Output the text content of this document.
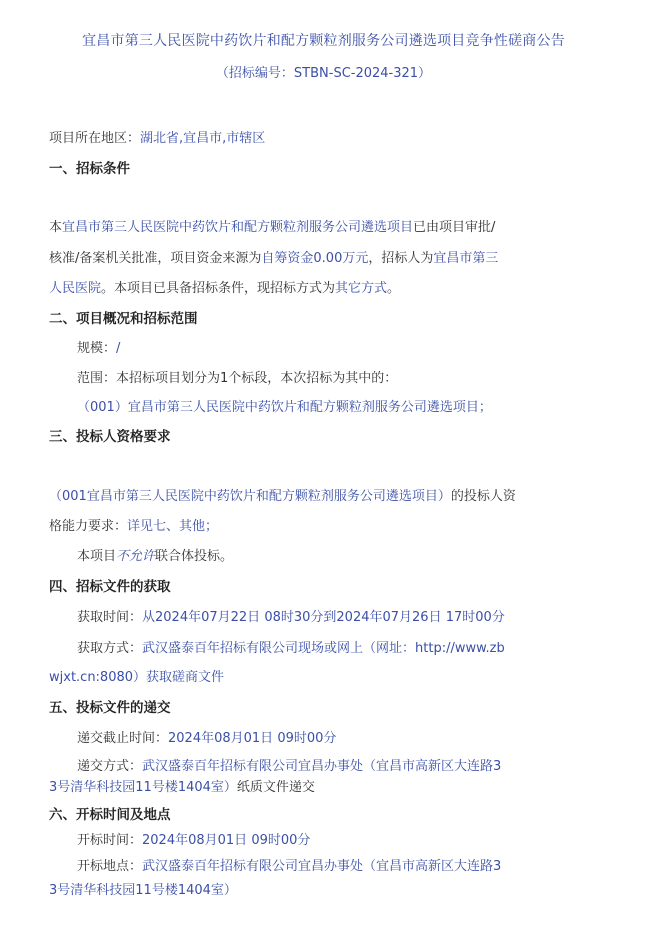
宜昌市第三人民医院中药饮片和配方颗粒剂服务公司遴选项目竞争性磋商公告
（招标编号：STBN-SC-2024-321）
项目所在地区：湖北省,宜昌市,市辖区
一、招标条件
本宜昌市第三人民医院中药饮片和配方颗粒剂服务公司遴选项目已由项目审批/
核准/备案机关批准，项目资金来源为自筹资金0.00万元，招标人为宜昌市第三
人民医院。本项目已具备招标条件，现招标方式为其它方式。
二、项目概况和招标范围
规模：/
范围：本招标项目划分为1个标段，本次招标为其中的：
（001）宜昌市第三人民医院中药饮片和配方颗粒剂服务公司遴选项目；
三、投标人资格要求
（001宜昌市第三人民医院中药饮片和配方颗粒剂服务公司遴选项目）的投标人资
格能力要求：详见七、其他；
本项目不允许联合体投标。
四、招标文件的获取
获取时间：从2024年07月22日 08时30分到2024年07月26日 17时00分
获取方式：武汉盛泰百年招标有限公司现场或网上（网址：http://www.zb
wjxt.cn:8080）获取磋商文件
五、投标文件的递交
递交截止时间：2024年08月01日 09时00分
递交方式：武汉盛泰百年招标有限公司宜昌办事处（宜昌市高新区大连路3
3号清华科技园11号楼1404室）纸质文件递交
六、开标时间及地点
开标时间：2024年08月01日 09时00分
开标地点：武汉盛泰百年招标有限公司宜昌办事处（宜昌市高新区大连路3
3号清华科技园11号楼1404室）
